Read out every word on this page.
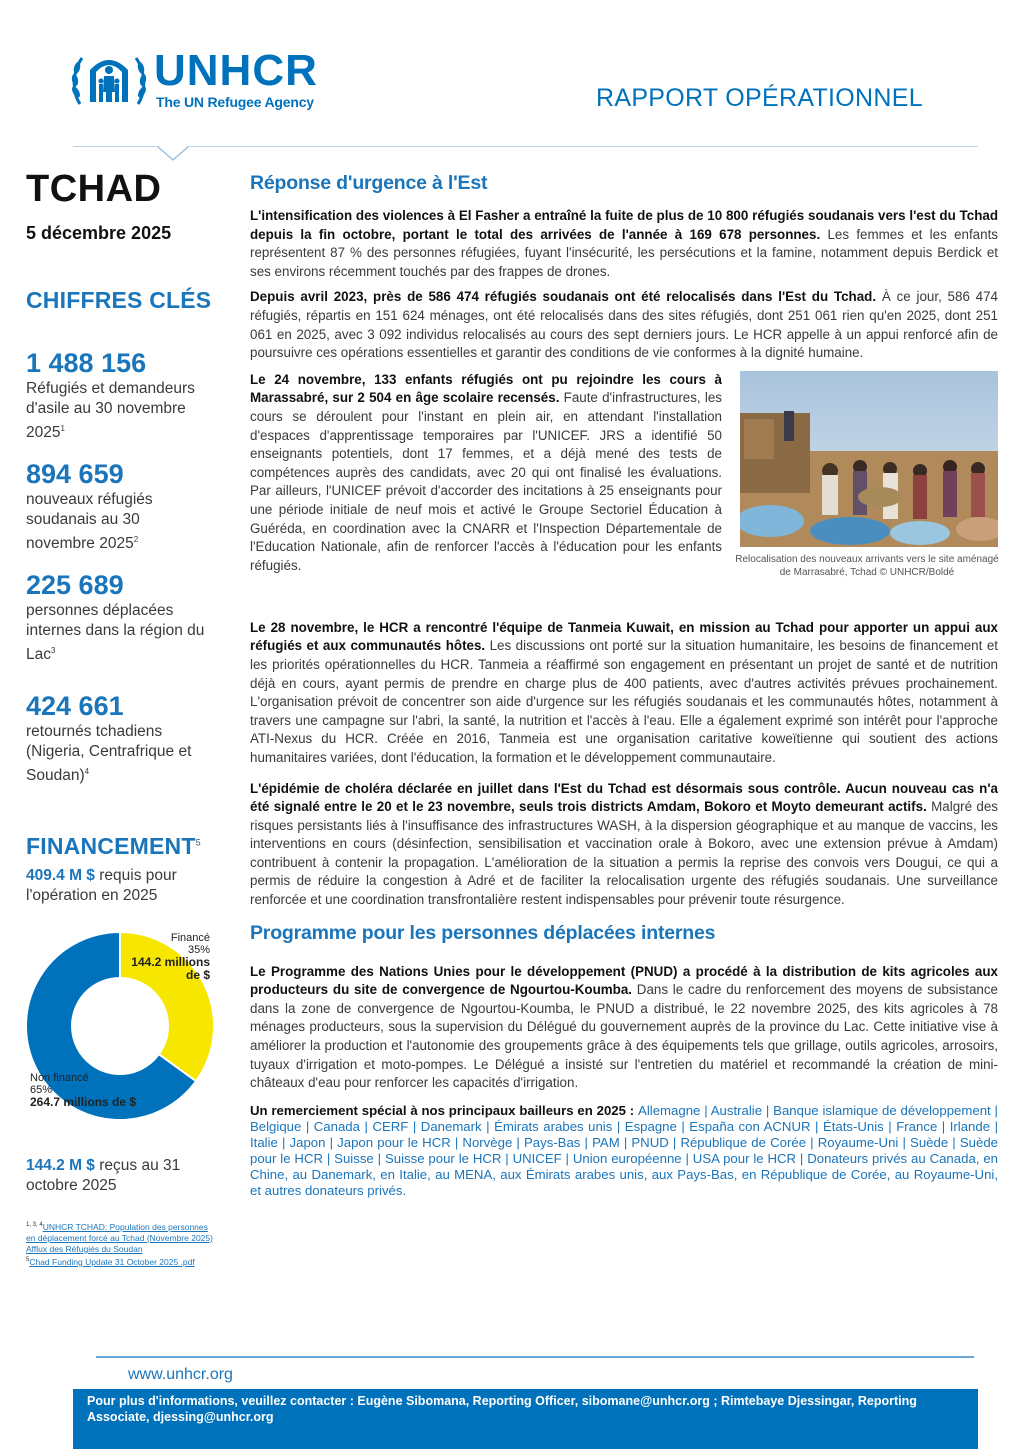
UNHCR
The UN Refugee Agency	RAPPORT OPÉRATIONNEL
TCHAD
5 décembre 2025
CHIFFRES CLÉS
1 488 156
Réfugiés et demandeurs d'asile au 30 novembre 2025$^1$
894 659
nouveaux réfugiés soudanais au 30 novembre 2025$^2$
225 689
personnes déplacées internes dans la région du Lac$^3$
424 661
retournés tchadiens (Nigeria, Centrafrique et Soudan)$^4$
FINANCEMENT$^5$
409.4 M $ requis pour l'opération en 2025
Financé
35%
144.2 millions de $
Non financé
65%
264.7 millions de $
144.2 M $ reçus au 31 octobre 2025
$^{1, 3, 4}$UNHCR TCHAD: Population des personnes en déplacement forcé au Tchad (Novembre 2025)
Afflux des Réfugiés du Soudan
$^5$Chad Funding Update 31 October 2025 .pdf
Réponse d'urgence à l'Est

L'intensification des violences à El Fasher a entraîné la fuite de plus de 10 800 réfugiés soudanais vers l'est du Tchad depuis la fin octobre, portant le total des arrivées de l'année à 169 678 personnes. Les femmes et les enfants représentent 87 % des personnes réfugiées, fuyant l'insécurité, les persécutions et la famine, notamment depuis Berdick et ses environs récemment touchés par des frappes de drones.

Depuis avril 2023, près de 586 474 réfugiés soudanais ont été relocalisés dans l'Est du Tchad. À ce jour, 586 474 réfugiés, répartis en 151 624 ménages, ont été relocalisés dans des sites réfugiés, dont 251 061 rien qu'en 2025, dont 251 061 en 2025, avec 3 092 individus relocalisés au cours des sept derniers jours. Le HCR appelle à un appui renforcé afin de poursuivre ces opérations essentielles et garantir des conditions de vie conformes à la dignité humaine.

Le 24 novembre, 133 enfants réfugiés ont pu rejoindre les cours à Marassabré, sur 2 504 en âge scolaire recensés. Faute d'infrastructures, les cours se déroulent pour l'instant en plein air, en attendant l'installation d'espaces d'apprentissage temporaires par l'UNICEF. JRS a identifié 50 enseignants potentiels, dont 17 femmes, et a déjà mené des tests de compétences auprès des candidats, avec 20 qui ont finalisé les évaluations. Par ailleurs, l'UNICEF prévoit d'accorder des incitations à 25 enseignants pour une période initiale de neuf mois et activé le Groupe Sectoriel Éducation à Guéréda, en coordination avec la CNARR et l'Inspection Départementale de l'Education Nationale, afin de renforcer l'accès à l'éducation pour les enfants réfugiés.	Relocalisation des nouveaux arrivants vers le site aménagé de Marrasabré, Tchad © UNHCR/Boldé

Le 28 novembre, le HCR a rencontré l'équipe de Tanmeia Kuwait, en mission au Tchad pour apporter un appui aux réfugiés et aux communautés hôtes. Les discussions ont porté sur la situation humanitaire, les besoins de financement et les priorités opérationnelles du HCR. Tanmeia a réaffirmé son engagement en présentant un projet de santé et de nutrition déjà en cours, ayant permis de prendre en charge plus de 400 patients, avec d'autres activités prévues prochainement. L'organisation prévoit de concentrer son aide d'urgence sur les réfugiés soudanais et les communautés hôtes, notamment à travers une campagne sur l'abri, la santé, la nutrition et l'accès à l'eau. Elle a également exprimé son intérêt pour l'approche ATI-Nexus du HCR. Créée en 2016, Tanmeia est une organisation caritative koweïtienne qui soutient des actions humanitaires variées, dont l'éducation, la formation et le développement communautaire.

L'épidémie de choléra déclarée en juillet dans l'Est du Tchad est désormais sous contrôle. Aucun nouveau cas n'a été signalé entre le 20 et le 23 novembre, seuls trois districts Amdam, Bokoro et Moyto demeurant actifs. Malgré des risques persistants liés à l'insuffisance des infrastructures WASH, à la dispersion géographique et au manque de vaccins, les interventions en cours (désinfection, sensibilisation et vaccination orale à Bokoro, avec une extension prévue à Amdam) contribuent à contenir la propagation. L'amélioration de la situation a permis la reprise des convois vers Dougui, ce qui a permis de réduire la congestion à Adré et de faciliter la relocalisation urgente des réfugiés soudanais. Une surveillance renforcée et une coordination transfrontalière restent indispensables pour prévenir toute résurgence.

Programme pour les personnes déplacées internes

Le Programme des Nations Unies pour le développement (PNUD) a procédé à la distribution de kits agricoles aux producteurs du site de convergence de Ngourtou-Koumba. Dans le cadre du renforcement des moyens de subsistance dans la zone de convergence de Ngourtou-Koumba, le PNUD a distribué, le 22 novembre 2025, des kits agricoles à 78 ménages producteurs, sous la supervision du Délégué du gouvernement auprès de la province du Lac. Cette initiative vise à améliorer la production et l'autonomie des groupements grâce à des équipements tels que grillage, outils agricoles, arrosoirs, tuyaux d'irrigation et moto-pompes. Le Délégué a insisté sur l'entretien du matériel et recommandé la création de mini-châteaux d'eau pour renforcer les capacités d'irrigation.

Un remerciement spécial à nos principaux bailleurs en 2025 : Allemagne | Australie | Banque islamique de développement | Belgique | Canada | CERF | Danemark | Émirats arabes unis | Espagne | España con ACNUR | États-Unis | France | Irlande | Italie | Japon | Japon pour le HCR | Norvège | Pays-Bas | PAM | PNUD | République de Corée | Royaume-Uni | Suède | Suède pour le HCR | Suisse | Suisse pour le HCR | UNICEF | Union européenne | USA pour le HCR | Donateurs privés au Canada, en Chine, au Danemark, en Italie, au MENA, aux Émirats arabes unis, aux Pays-Bas, en République de Corée, au Royaume-Uni, et autres donateurs privés.

www.unhcr.org
Pour plus d'informations, veuillez contacter : Eugène Sibomana, Reporting Officer, sibomane@unhcr.org ; Rimtebaye Djessingar, Reporting Associate, djessing@unhcr.org
